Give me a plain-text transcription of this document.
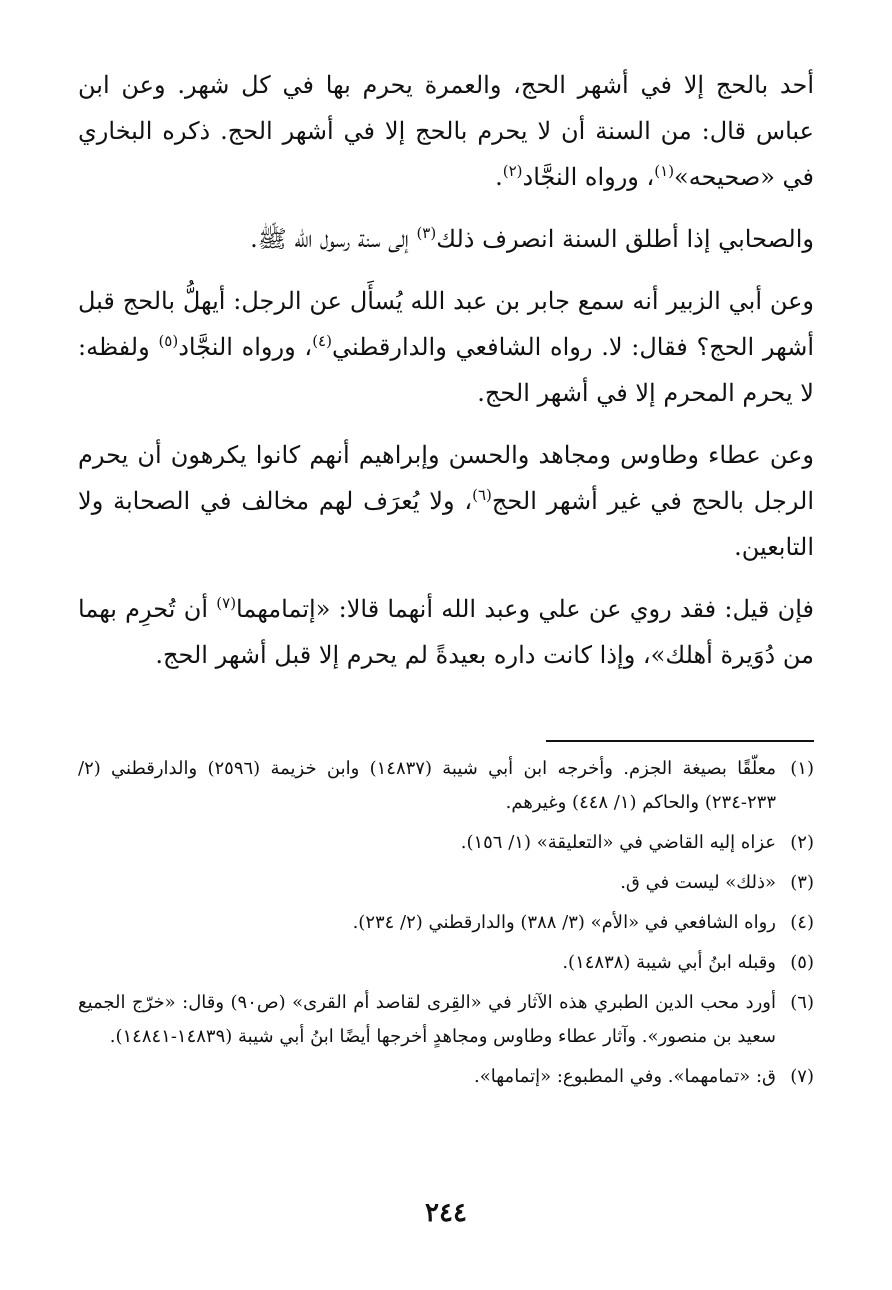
أحد بالحج إلا في أشهر الحج، والعمرة يحرم بها في كل شهر. وعن ابن عباس قال: من السنة أن لا يحرم بالحج إلا في أشهر الحج. ذكره البخاري في «صحيحه»$^{(١)}$، ورواه النجَّاد$^{(٢)}$.

والصحابي إذا أطلق السنة انصرف ذلك$^{(٣)}$ إلى سنة رسول الله ﷺ.

وعن أبي الزبير أنه سمع جابر بن عبد الله يُسأَل عن الرجل: أيهلُّ بالحج قبل أشهر الحج؟ فقال: لا. رواه الشافعي والدارقطني$^{(٤)}$، ورواه النجَّاد$^{(٥)}$ ولفظه: لا يحرم المحرم إلا في أشهر الحج.

وعن عطاء وطاوس ومجاهد والحسن وإبراهيم أنهم كانوا يكرهون أن يحرم الرجل بالحج في غير أشهر الحج$^{(٦)}$، ولا يُعرَف لهم مخالف في الصحابة ولا التابعين.

فإن قيل: فقد روي عن علي وعبد الله أنهما قالا: «إتمامهما$^{(٧)}$ أن تُحرِم بهما من دُوَيرة أهلك»، وإذا كانت داره بعيدةً لم يحرم إلا قبل أشهر الحج.

(١)
معلّقًا بصيغة الجزم. وأخرجه ابن أبي شيبة (١٤٨٣٧) وابن خزيمة (٢٥٩٦) والدارقطني (٢/ ٢٣٣-٢٣٤) والحاكم (١/ ٤٤٨) وغيرهم.
(٢)
عزاه إليه القاضي في «التعليقة» (١/ ١٥٦).
(٣)
«ذلك» ليست في ق.
(٤)
رواه الشافعي في «الأم» (٣/ ٣٨٨) والدارقطني (٢/ ٢٣٤).
(٥)
وقبله ابنُ أبي شيبة (١٤٨٣٨).
(٦)
أورد محب الدين الطبري هذه الآثار في «القِرى لقاصد أم القرى» (ص٩٠) وقال: «خرّج الجميع سعيد بن منصور». وآثار عطاء وطاوس ومجاهدٍ أخرجها أيضًا ابنُ أبي شيبة (١٤٨٣٩-١٤٨٤١).
(٧)
ق: «تمامهما». وفي المطبوع: «إتمامها».
٢٤٤
